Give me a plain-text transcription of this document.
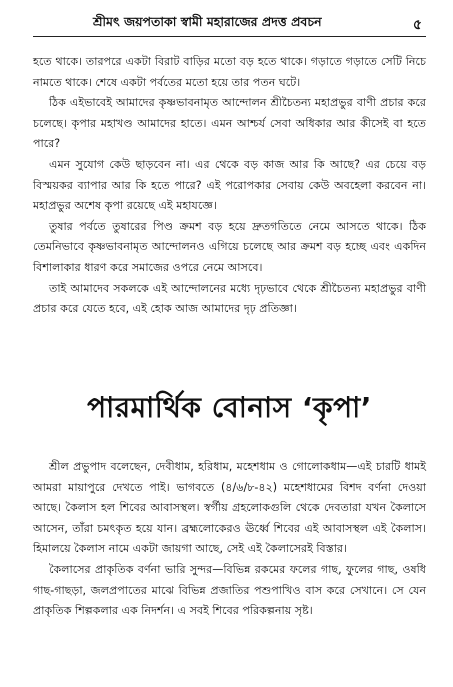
শ্রীমৎ জয়পতাকা স্বামী মহারাজের প্রদত্ত প্রবচন	৫

হতে থাকে। তারপরে একটা বিরাট বাড়ির মতো বড় হতে থাকে। গড়াতে গড়াতে সেটি নিচে নামতে থাকে। শেষে একটা পর্বতের মতো হয়ে তার পতন ঘটে।

ঠিক এইভাবেই আমাদের কৃষ্ণভাবনামৃত আন্দোলন শ্রীচৈতন্য মহাপ্রভুর বাণী প্রচার করে চলেছে। কৃপার মহাখণ্ড আমাদের হাতে। এমন আশ্চর্য সেবা অধিকার আর কীসেই বা হতে পারে?

এমন সুযোগ কেউ ছাড়বেন না। এর থেকে বড় কাজ আর কি আছে? এর চেয়ে বড় বিস্ময়কর ব্যাপার আর কি হতে পারে? এই পরোপকার সেবায় কেউ অবহেলা করবেন না। মহাপ্রভুর অশেষ কৃপা রয়েছে এই মহাযজ্ঞে।

তুষার পর্বতে তুষারের পিণ্ড ক্রমশ বড় হয়ে দ্রুতগতিতে নেমে আসতে থাকে। ঠিক তেমনিভাবে কৃষ্ণভাবনামৃত আন্দোলনও এগিয়ে চলেছে আর ক্রমশ বড় হচ্ছে এবং একদিন বিশালাকার ধারণ করে সমাজের ওপরে নেমে আসবে।

তাই আমাদেব সকলকে এই আন্দোলনের মধ্যে দৃঢ়ভাবে থেকে শ্রীচৈতন্য মহাপ্রভুর বাণী প্রচার করে যেতে হবে, এই হোক আজ আমাদের দৃঢ় প্রতিজ্ঞা।

পারমার্থিক বোনাস ‘কৃপা’

শ্রীল প্রভুপাদ বলেছেন, দেবীধাম, হরিধাম, মহেশধাম ও গোলোকধাম—এই চারটি ধামই আমরা মায়াপুরে দেখতে পাই। ভাগবতে (৪/৬/৮-৪২) মহেশধামের বিশদ বর্ণনা দেওয়া আছে। কৈলাস হল শিবের আবাসস্থল। স্বর্গীয় গ্রহলোকগুলি থেকে দেবতারা যখন কৈলাসে আসেন, তাঁরা চমৎকৃত হয়ে যান। ব্রহ্মলোকেরও ঊর্ধ্বে শিবের এই আবাসস্থল এই কৈলাস। হিমালয়ে কৈলাস নামে একটা জায়গা আছে, সেই এই কৈলাসেরই বিস্তার।

কৈলাসের প্রাকৃতিক বর্ণনা ভারি সুন্দর—বিভিন্ন রকমের ফলের গাছ, ফুলের গাছ, ওষধি গাছ-গাছড়া, জলপ্রপাতের মাঝে বিভিন্ন প্রজাতির পশুপাখিও বাস করে সেখানে। সে যেন প্রাকৃতিক শিল্পকলার এক নিদর্শন। এ সবই শিবের পরিকল্পনায় সৃষ্ট।
